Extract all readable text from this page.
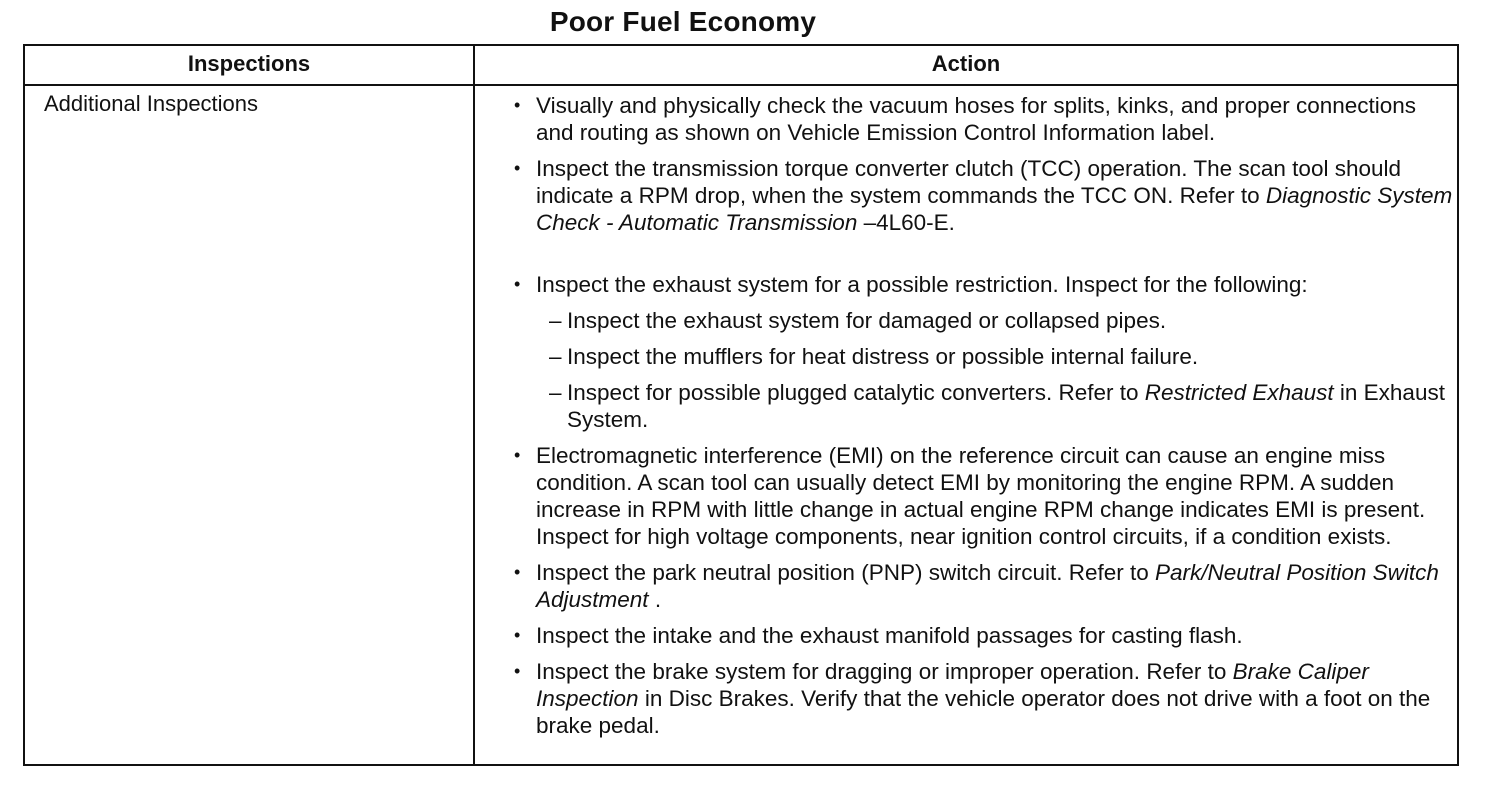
Poor Fuel Economy
Inspections	Action
Additional Inspections	• Visually and physically check the vacuum hoses for splits, kinks, and proper connections and routing as shown on Vehicle Emission Control Information label.
• Inspect the transmission torque converter clutch (TCC) operation. The scan tool should indicate a RPM drop, when the system commands the TCC ON. Refer to Diagnostic System Check - Automatic Transmission –4L60-E.
• Inspect the exhaust system for a possible restriction. Inspect for the following:
– Inspect the exhaust system for damaged or collapsed pipes.
– Inspect the mufflers for heat distress or possible internal failure.
– Inspect for possible plugged catalytic converters. Refer to Restricted Exhaust in Exhaust System.
• Electromagnetic interference (EMI) on the reference circuit can cause an engine miss condition. A scan tool can usually detect EMI by monitoring the engine RPM. A sudden increase in RPM with little change in actual engine RPM change indicates EMI is present. Inspect for high voltage components, near ignition control circuits, if a condition exists.
• Inspect the park neutral position (PNP) switch circuit. Refer to Park/Neutral Position Switch Adjustment .
• Inspect the intake and the exhaust manifold passages for casting flash.
• Inspect the brake system for dragging or improper operation. Refer to Brake Caliper Inspection in Disc Brakes. Verify that the vehicle operator does not drive with a foot on the brake pedal.
